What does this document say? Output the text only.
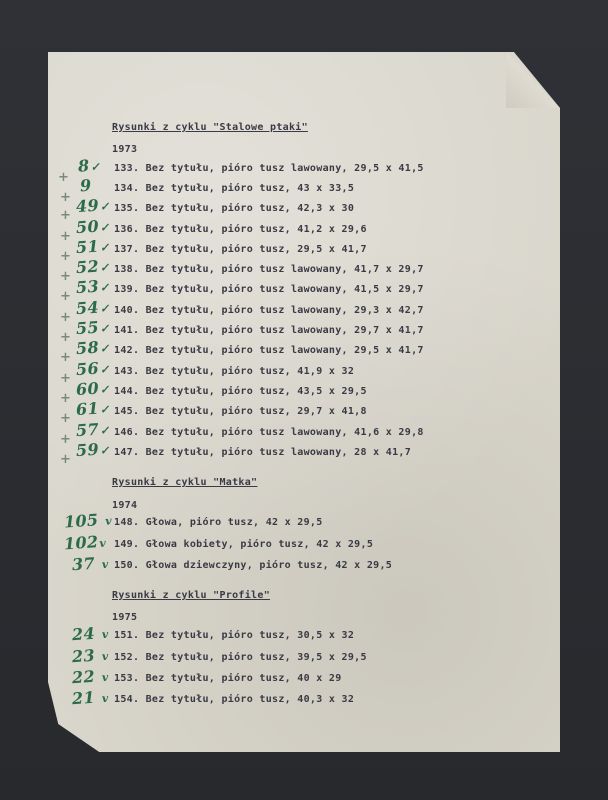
Rysunki z cyklu "Stalowe ptaki"
1973
133. Bez tytułu, pióro tusz lawowany, 29,5 x 41,5
134. Bez tytułu, pióro tusz, 43 x 33,5
135. Bez tytułu, pióro tusz, 42,3 x 30
136. Bez tytułu, pióro tusz, 41,2 x 29,6
137. Bez tytułu, pióro tusz, 29,5 x 41,7
138. Bez tytułu, pióro tusz lawowany, 41,7 x 29,7
139. Bez tytułu, pióro tusz lawowany, 41,5 x 29,7
140. Bez tytułu, pióro tusz lawowany, 29,3 x 42,7
141. Bez tytułu, pióro tusz lawowany, 29,7 x 41,7
142. Bez tytułu, pióro tusz lawowany, 29,5 x 41,7
143. Bez tytułu, pióro tusz, 41,9 x 32
144. Bez tytułu, pióro tusz, 43,5 x 29,5
145. Bez tytułu, pióro tusz, 29,7 x 41,8
146. Bez tytułu, pióro tusz lawowany, 41,6 x 29,8
147. Bez tytułu, pióro tusz lawowany, 28 x 41,7
Rysunki z cyklu "Matka"
1974
148. Głowa, pióro tusz, 42 x 29,5
149. Głowa kobiety, pióro tusz, 42 x 29,5
150. Głowa dziewczyny, pióro tusz, 42 x 29,5
Rysunki z cyklu "Profile"
1975
151. Bez tytułu, pióro tusz, 30,5 x 32
152. Bez tytułu, pióro tusz, 39,5 x 29,5
153. Bez tytułu, pióro tusz, 40 x 29
154. Bez tytułu, pióro tusz, 40,3 x 32
+
+
+
+
+
+
+
+
+
+
+
+
+
+
+
8✓
9
49✓
50✓
51✓
52✓
53✓
54✓
55✓
58✓
56✓
60✓
61✓
57✓
59✓
105 v
102v
37 v
24 v
23 v
22 v
21 v
